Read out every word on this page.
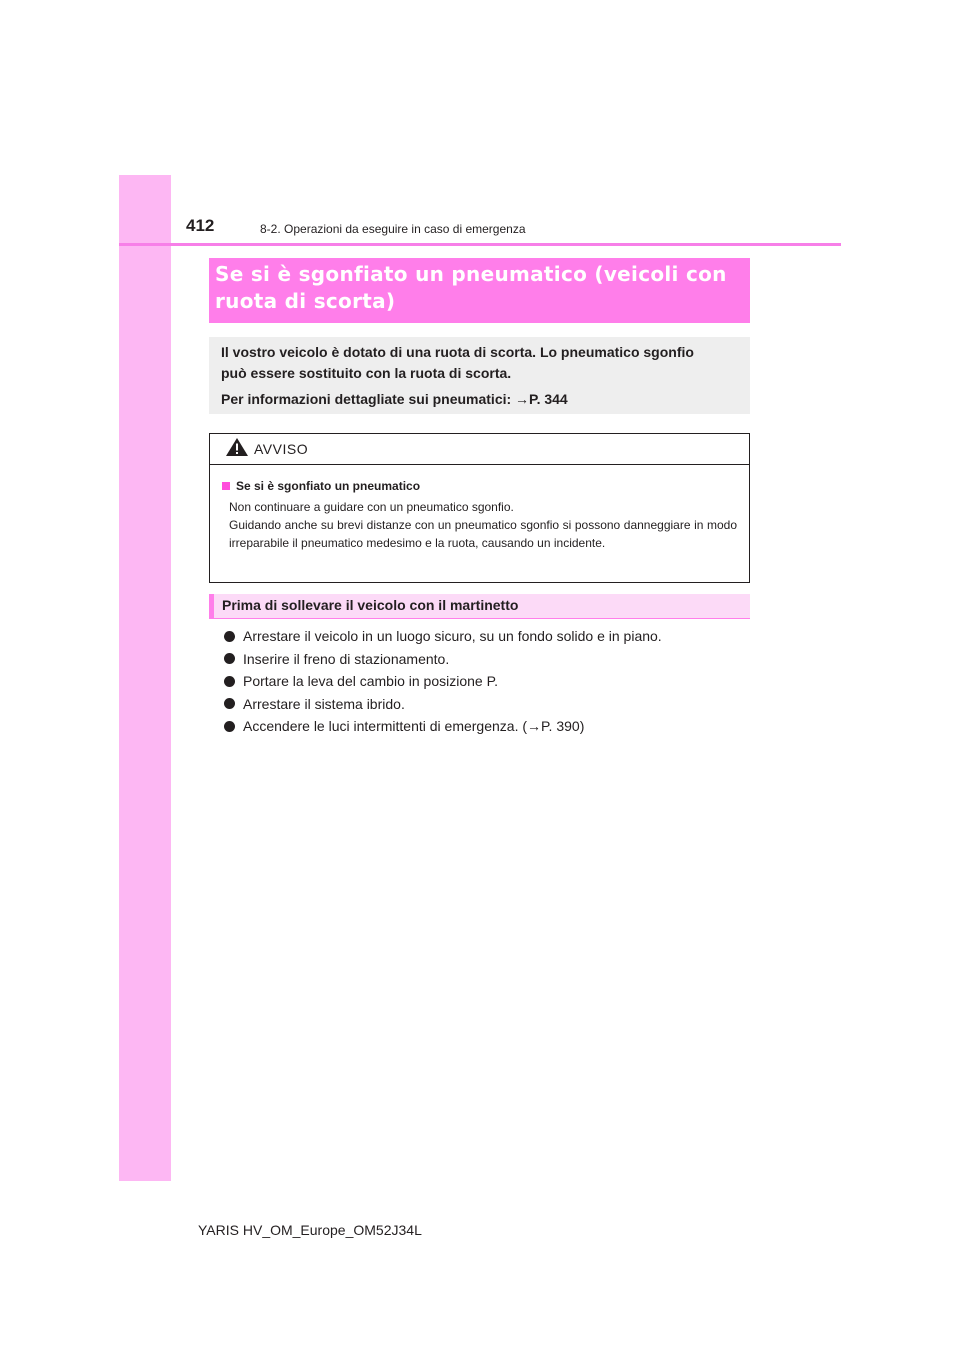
412	8-2. Operazioni da eseguire in caso di emergenza
Se si è sgonfiato un pneumatico (veicoli con
ruota di scorta)
Il vostro veicolo è dotato di una ruota di scorta. Lo pneumatico sgonfio
può essere sostituito con la ruota di scorta.
Per informazioni dettagliate sui pneumatici: →P. 344
AVVISO
Se si è sgonfiato un pneumatico
Non continuare a guidare con un pneumatico sgonfio.
Guidando anche su brevi distanze con un pneumatico sgonfio si possono danneggiare in modo irreparabile il pneumatico medesimo e la ruota, causando un incidente.
Prima di sollevare il veicolo con il martinetto
Arrestare il veicolo in un luogo sicuro, su un fondo solido e in piano.
Inserire il freno di stazionamento.
Portare la leva del cambio in posizione P.
Arrestare il sistema ibrido.
Accendere le luci intermittenti di emergenza. (→P. 390)
YARIS HV_OM_Europe_OM52J34L
